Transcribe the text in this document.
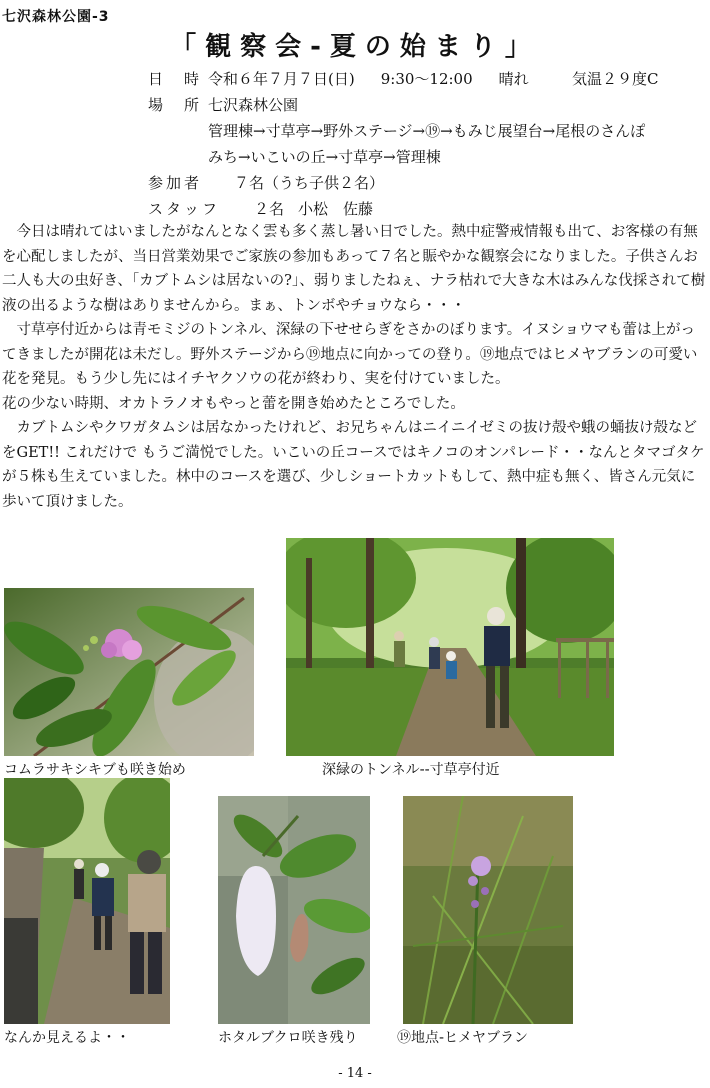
七沢森林公園-3
「観察会-夏の始まり」
日　時 令和６年７月７日(日) 9:30～12:00 晴れ	気温２９度C
場　所 七沢森林公園
管理棟→寸草亭→野外ステージ→⑲→もみじ展望台→尾根のさんぽ
みち→いこいの丘→寸草亭→管理棟
参加者 ７名（うち子供２名）
スタッフ ２名 小松　佐藤

今日は晴れてはいましたがなんとなく雲も多く蒸し暑い日でした。熱中症警戒情報も出て、お客様の有無を心配しましたが、当日営業効果でご家族の参加もあって７名と賑やかな観察会になりました。子供さんお二人も大の虫好き、「カブトムシは居ないの?」、弱りましたねぇ、ナラ枯れで大きな木はみんな伐採されて樹液の出るような樹はありませんから。まぁ、トンボやチョウなら・・・

寸草亭付近からは青モミジのトンネル、深緑の下せせらぎをさかのぼります。イヌショウマも蕾は上がってきましたが開花は未だし。野外ステージから⑲地点に向かっての登り。⑲地点ではヒメヤブランの可愛い花を発見。もう少し先にはイチヤクソウの花が終わり、実を付けていました。

花の少ない時期、オカトラノオもやっと蕾を開き始めたところでした。

カブトムシやクワガタムシは居なかったけれど、お兄ちゃんはニイニイゼミの抜け殻や蛾の蛹抜け殻などをGET!! これだけで もうご満悦でした。いこいの丘コースではキノコのオンパレード・・なんとタマゴタケが５株も生えていました。林中のコースを選び、少しショートカットもして、熱中症も無く、皆さん元気に歩いて頂けました。

コムラサキシキブも咲き始め	深緑のトンネル--寸草亭付近
なんか見えるよ・・	ホタルブクロ咲き残り	⑲地点-ヒメヤブラン
- 14 -
